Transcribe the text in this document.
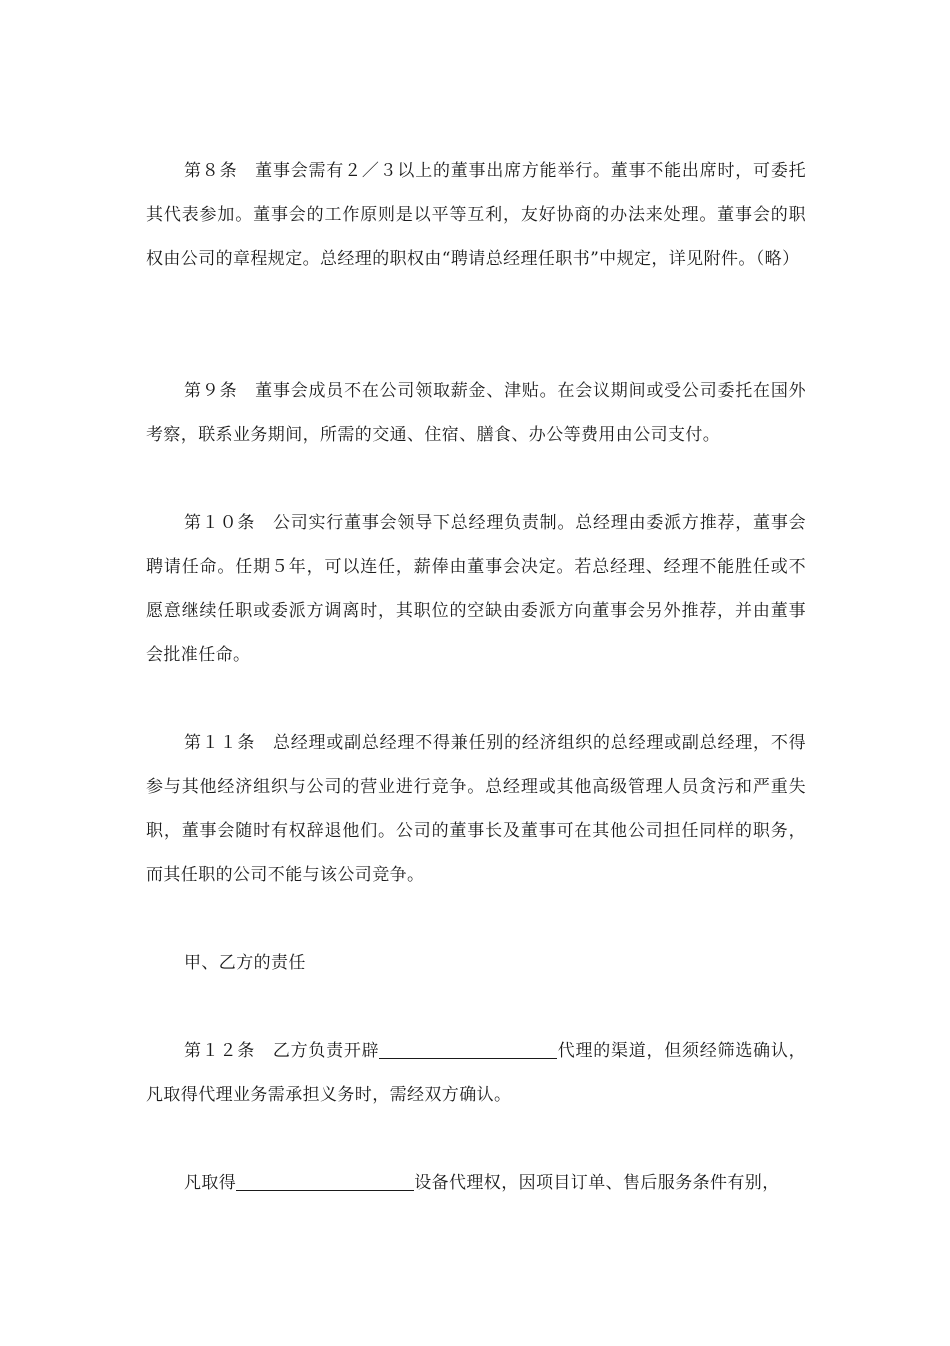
第８条　 董事会需有２／３以上的董事出席方能举行。董事不能出席时，可委托其代表参加。董事会的工作原则是以平等互利，友好协商的办法来处理。董事会的职权由公司的章程规定。总经理的职权由“聘请总经理任职书”中规定，详见附件。（略）

第９条　 董事会成员不在公司领取薪金、津贴。在会议期间或受公司委托在国外考察，联系业务期间，所需的交通、住宿、膳食、办公等费用由公司支付。

第１０条　 公司实行董事会领导下总经理负责制。总经理由委派方推荐，董事会聘请任命。任期５年，可以连任，薪俸由董事会决定。若总经理、经理不能胜任或不愿意继续任职或委派方调离时，其职位的空缺由委派方向董事会另外推荐，并由董事会批准任命。

第１１条　 总经理或副总经理不得兼任别的经济组织的总经理或副总经理，不得参与其他经济组织与公司的营业进行竞争。总经理或其他高级管理人员贪污和严重失职，董事会随时有权辞退他们。公司的董事长及董事可在其他公司担任同样的职务，而其任职的公司不能与该公司竞争。

甲、乙方的责任

第１２条　 乙方负责开辟	代理的渠道，但须经筛选确认，凡取得代理业务需承担义务时，需经双方确认。

凡取得	设备代理权，因项目订单、售后服务条件有别，
